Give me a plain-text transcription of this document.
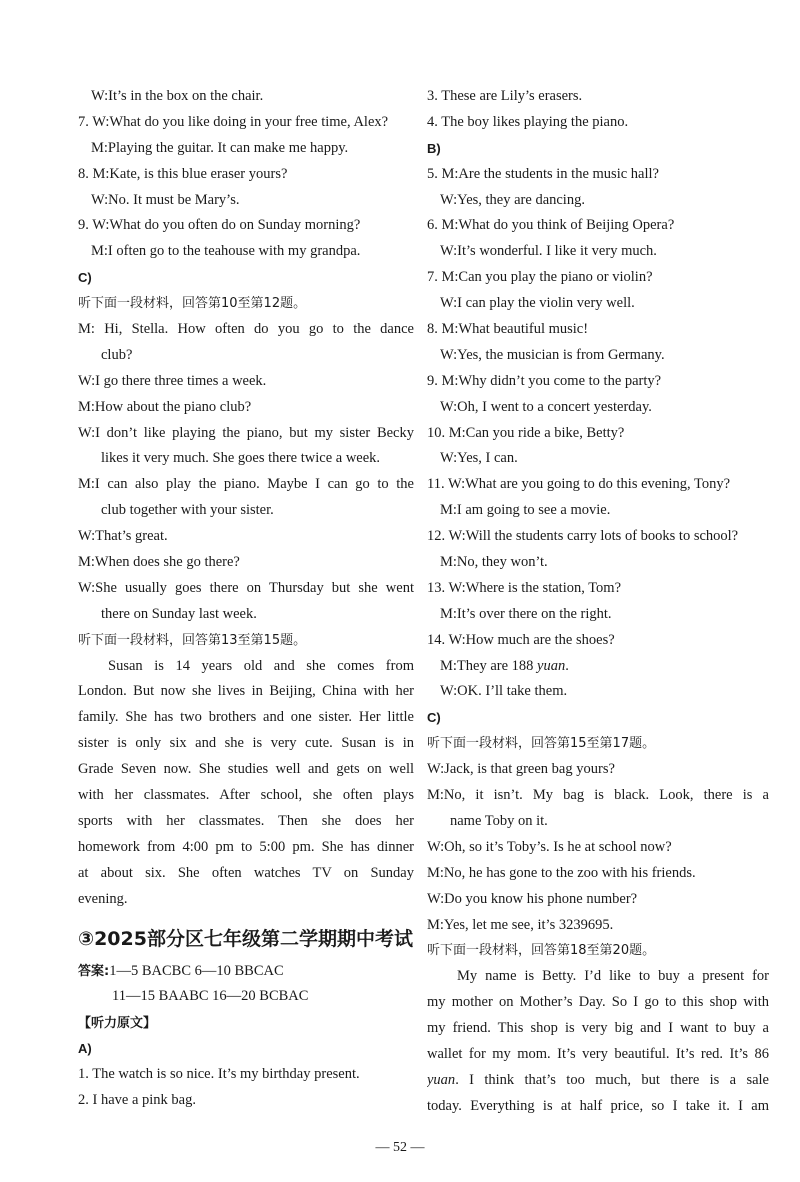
W:It’s in the box on the chair.
7. W:What do you like doing in your free time, Alex?
M:Playing the guitar. It can make me happy.
8. M:Kate, is this blue eraser yours?
W:No. It must be Mary’s.
9. W:What do you often do on Sunday morning?
M:I often go to the teahouse with my grandpa.
C)
听下面一段材料，回答第10至第12题。
M: Hi, Stella. How often do you go to the dance
club?
W:I go there three times a week.
M:How about the piano club?
W:I don’t like playing the piano, but my sister Becky
likes it very much. She goes there twice a week.
M:I can also play the piano. Maybe I can go to the
club together with your sister.
W:That’s great.
M:When does she go there?
W:She usually goes there on Thursday but she went
there on Sunday last week.
听下面一段材料，回答第13至第15题。
Susan is 14 years old and she comes from
London. But now she lives in Beijing, China with her
family. She has two brothers and one sister. Her little
sister is only six and she is very cute. Susan is in
Grade Seven now. She studies well and gets on well
with her classmates. After school, she often plays
sports with her classmates. Then she does her
homework from 4:00 pm to 5:00 pm. She has dinner
at about six. She often watches TV on Sunday
evening.
③2025部分区七年级第二学期期中考试
答案:1—5 BACBC 6—10 BBCAC
11—15 BAABC 16—20 BCBAC
【听力原文】
A)
1. The watch is so nice. It’s my birthday present.
2. I have a pink bag.
3. These are Lily’s erasers.
4. The boy likes playing the piano.
B)
5. M:Are the students in the music hall?
W:Yes, they are dancing.
6. M:What do you think of Beijing Opera?
W:It’s wonderful. I like it very much.
7. M:Can you play the piano or violin?
W:I can play the violin very well.
8. M:What beautiful music!
W:Yes, the musician is from Germany.
9. M:Why didn’t you come to the party?
W:Oh, I went to a concert yesterday.
10. M:Can you ride a bike, Betty?
W:Yes, I can.
11. W:What are you going to do this evening, Tony?
M:I am going to see a movie.
12. W:Will the students carry lots of books to school?
M:No, they won’t.
13. W:Where is the station, Tom?
M:It’s over there on the right.
14. W:How much are the shoes?
M:They are 188 yuan.
W:OK. I’ll take them.
C)
听下面一段材料，回答第15至第17题。
W:Jack, is that green bag yours?
M:No, it isn’t. My bag is black. Look, there is a
name Toby on it.
W:Oh, so it’s Toby’s. Is he at school now?
M:No, he has gone to the zoo with his friends.
W:Do you know his phone number?
M:Yes, let me see, it’s 3239695.
听下面一段材料，回答第18至第20题。
My name is Betty. I’d like to buy a present for
my mother on Mother’s Day. So I go to this shop with
my friend. This shop is very big and I want to buy a
wallet for my mom. It’s very beautiful. It’s red. It’s 86
yuan. I think that’s too much, but there is a sale
today. Everything is at half price, so I take it. I am
— 52 —
